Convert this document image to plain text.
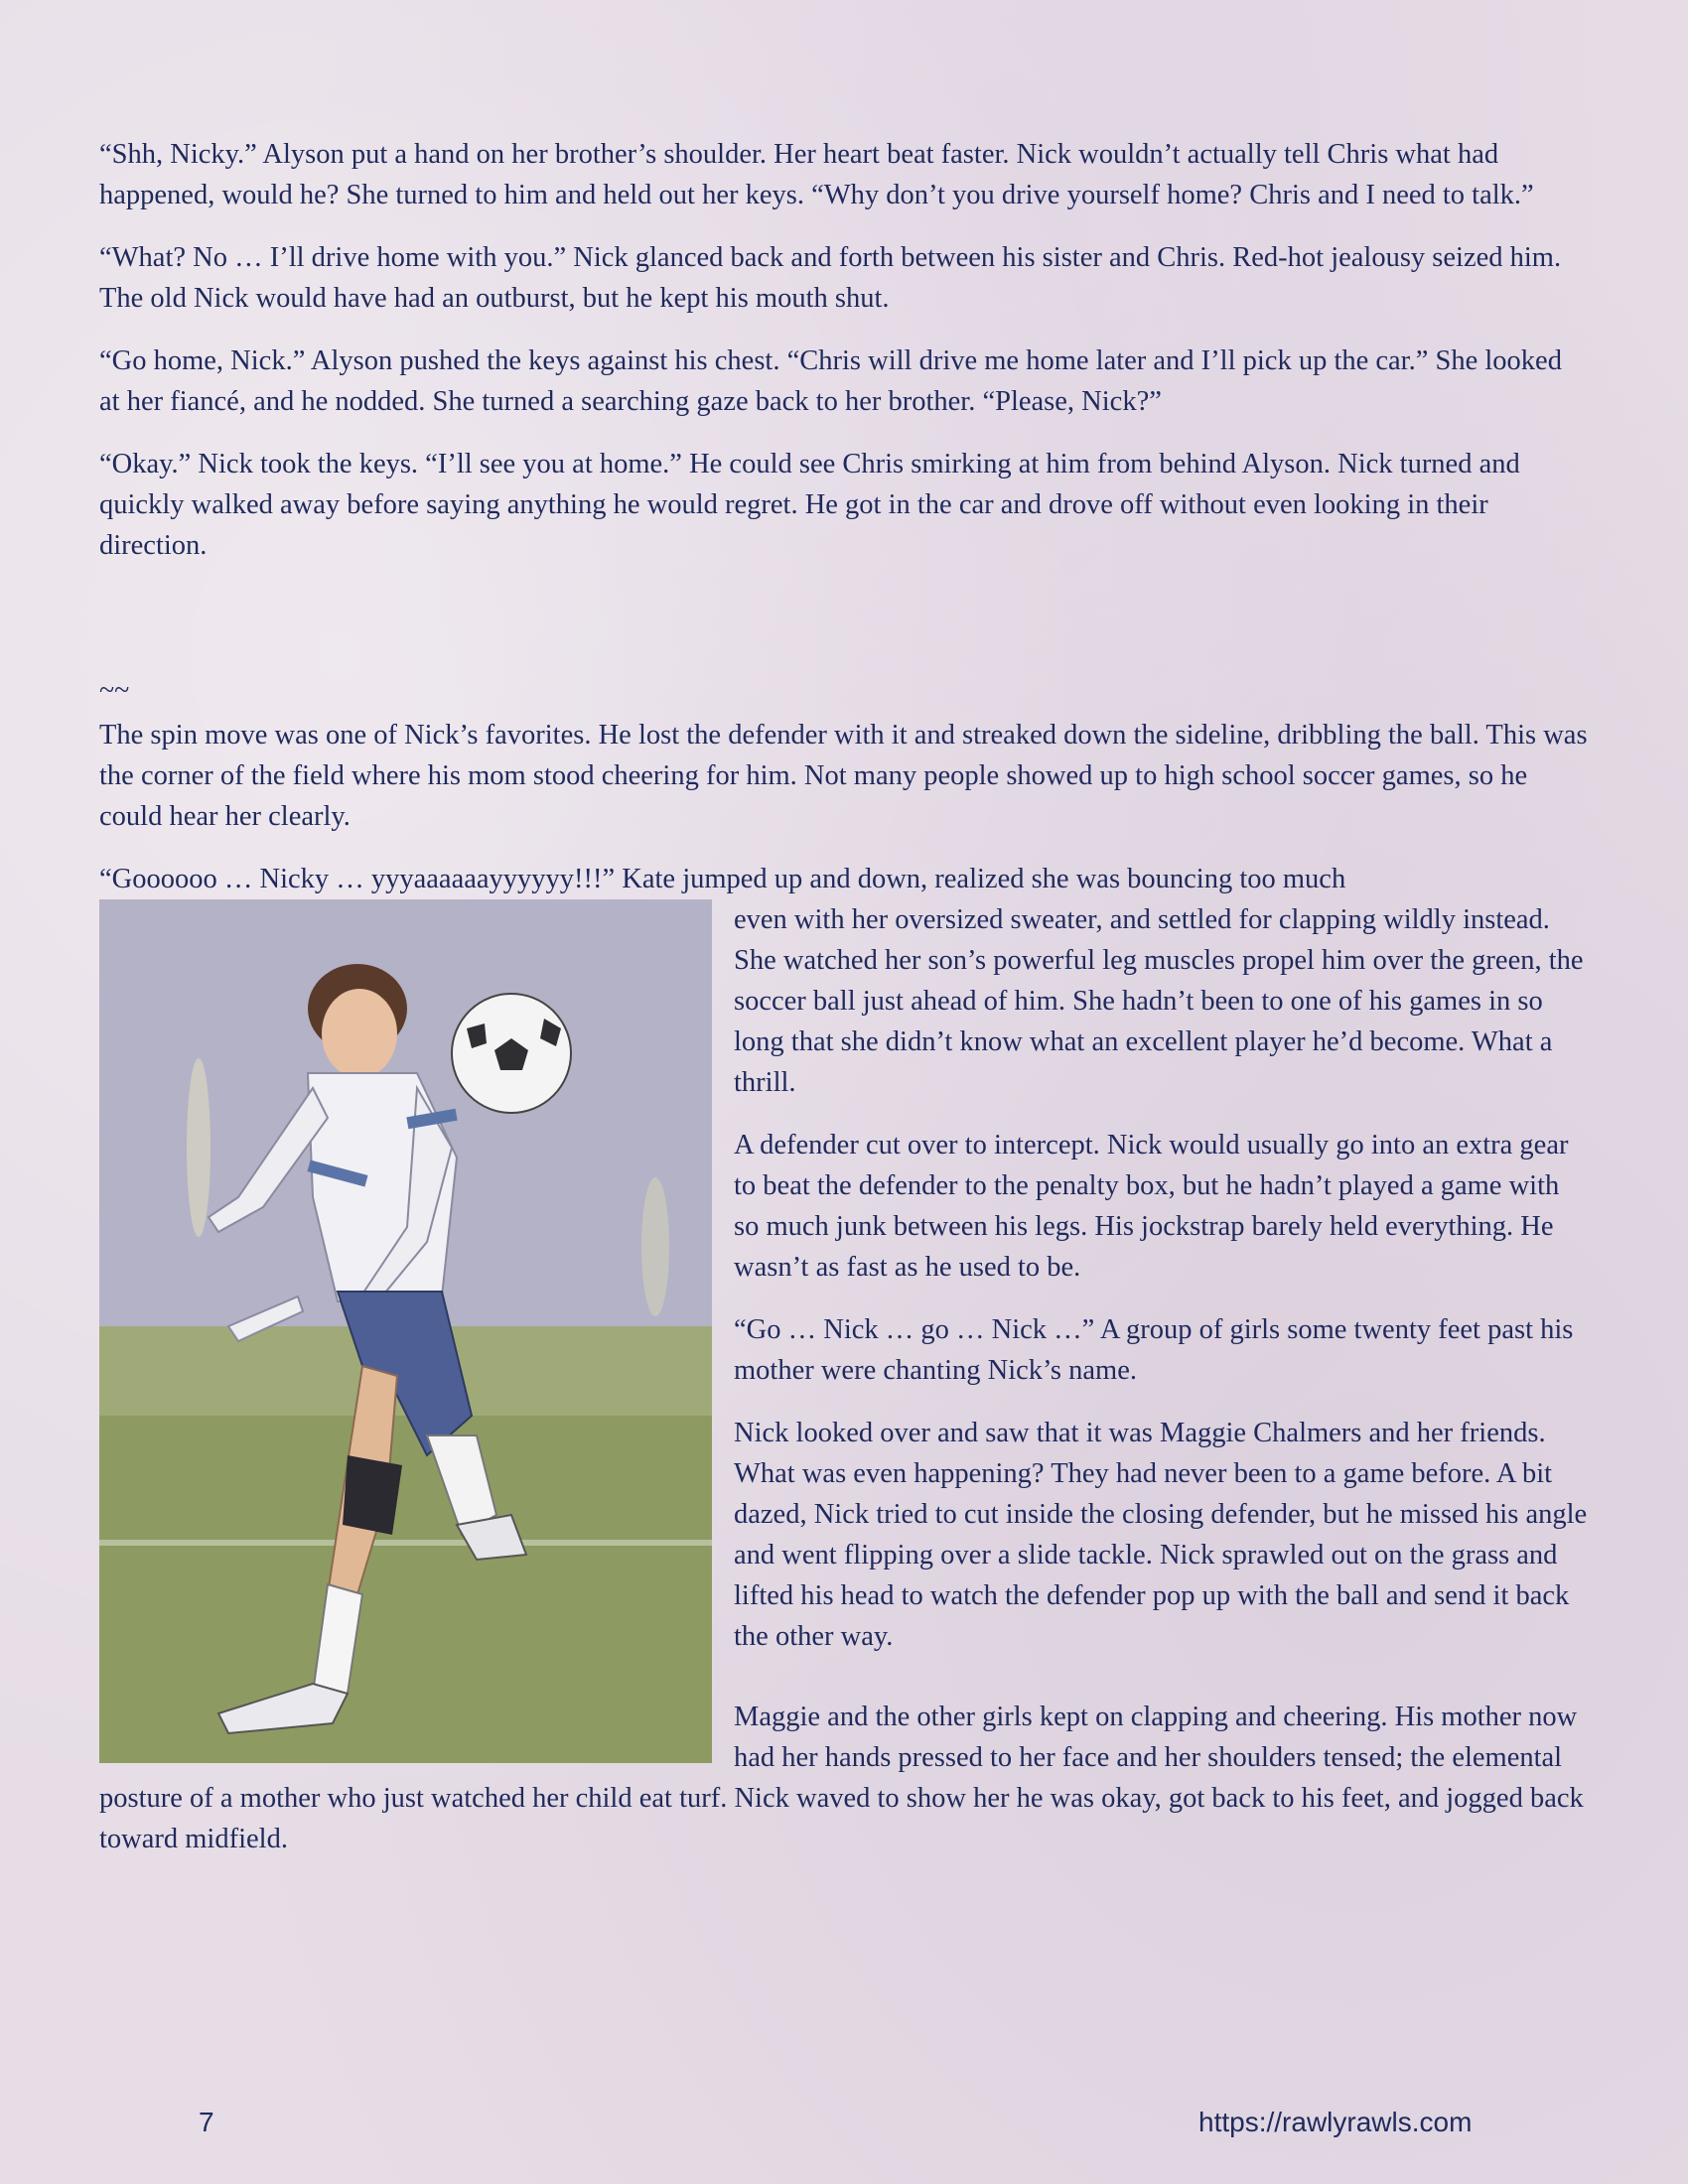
“Shh, Nicky.” Alyson put a hand on her brother’s shoulder. Her heart beat faster. Nick wouldn’t actually tell Chris what had happened, would he? She turned to him and held out her keys. “Why don’t you drive yourself home? Chris and I need to talk.”

“What? No … I’ll drive home with you.” Nick glanced back and forth between his sister and Chris. Red-hot jealousy seized him. The old Nick would have had an outburst, but he kept his mouth shut.

“Go home, Nick.” Alyson pushed the keys against his chest. “Chris will drive me home later and I’ll pick up the car.” She looked at her fiancé, and he nodded. She turned a searching gaze back to her brother. “Please, Nick?”

“Okay.” Nick took the keys. “I’ll see you at home.” He could see Chris smirking at him from behind Alyson. Nick turned and quickly walked away before saying anything he would regret. He got in the car and drove off without even looking in their direction.

~~

The spin move was one of Nick’s favorites. He lost the defender with it and streaked down the sideline, dribbling the ball. This was the corner of the field where his mom stood cheering for him. Not many people showed up to high school soccer games, so he could hear her clearly.

“Goooooo … Nicky … yyyaaaaaayyyyyy!!!” Kate jumped up and down, realized she was bouncing too much

even with her oversized sweater, and settled for clapping wildly instead. She watched her son’s powerful leg muscles propel him over the green, the soccer ball just ahead of him. She hadn’t been to one of his games in so long that she didn’t know what an excellent player he’d become. What a thrill.

A defender cut over to intercept. Nick would usually go into an extra gear to beat the defender to the penalty box, but he hadn’t played a game with so much junk between his legs. His jockstrap barely held everything. He wasn’t as fast as he used to be.

“Go … Nick … go … Nick …” A group of girls some twenty feet past his mother were chanting Nick’s name.

Nick looked over and saw that it was Maggie Chalmers and her friends. What was even happening? They had never been to a game before. A bit dazed, Nick tried to cut inside the closing defender, but he missed his angle and went flipping over a slide tackle. Nick sprawled out on the grass and lifted his head to watch the defender pop up with the ball and send it back the other way.

Maggie and the other girls kept on clapping and cheering. His mother now had her hands pressed to her face and her shoulders tensed; the elemental posture of a mother who just watched her child eat turf. Nick waved to show her he was okay, got back to his feet, and jogged back toward midfield.

7	https://rawlyrawls.com
